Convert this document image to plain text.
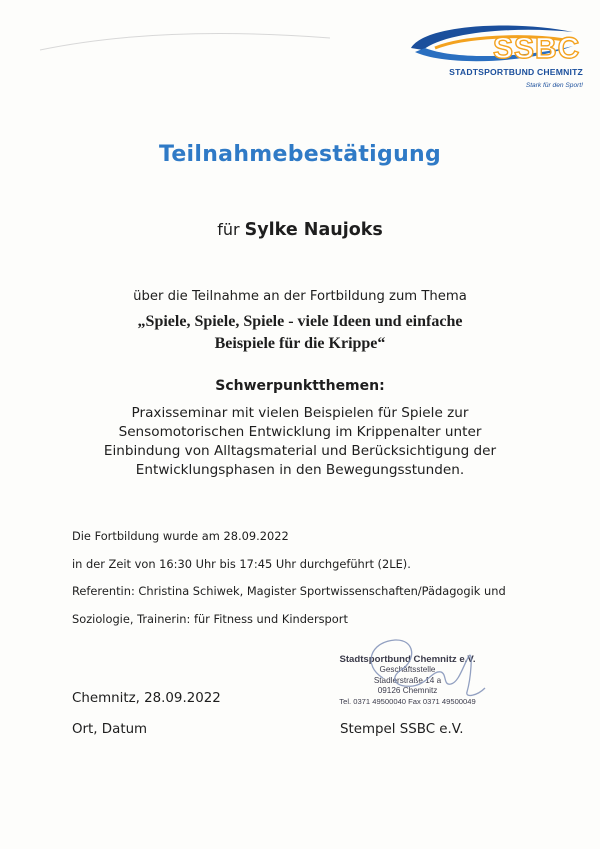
SSBC
STADTSPORTBUND CHEMNITZ
Stark für den Sport!
Teilnahmebestätigung
für Sylke Naujoks
über die Teilnahme an der Fortbildung zum Thema
„Spiele, Spiele, Spiele - viele Ideen und einfache
Beispiele für die Krippe“
Schwerpunktthemen:
Praxisseminar mit vielen Beispielen für Spiele zur
Sensomotorischen Entwicklung im Krippenalter unter
Einbindung von Alltagsmaterial und Berücksichtigung der
Entwicklungsphasen in den Bewegungsstunden.
Die Fortbildung wurde am 28.09.2022
in der Zeit von 16:30 Uhr bis 17:45 Uhr durchgeführt (2LE).
Referentin: Christina Schiwek, Magister Sportwissenschaften/Pädagogik und
Soziologie, Trainerin: für Fitness und Kindersport
Chemnitz, 28.09.2022
Ort, Datum
Stadtsportbund Chemnitz e.V.
Geschäftsstelle
Stadlerstraße 14 a
09126 Chemnitz
Tel. 0371 49500040 Fax 0371 49500049
Stempel SSBC e.V.
